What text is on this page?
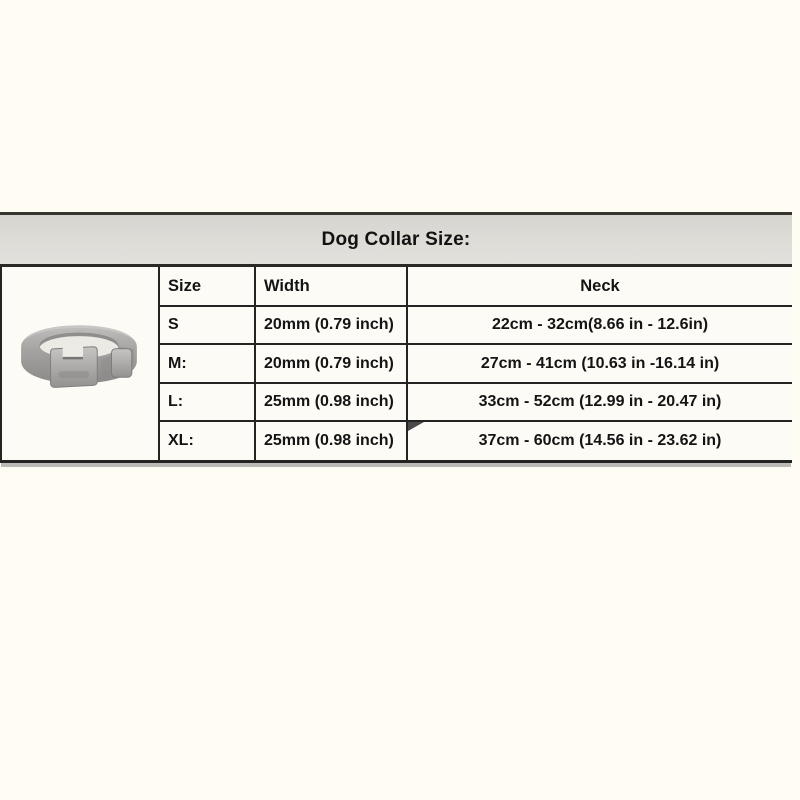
Dog Collar Size:
Size	Width	Neck
S	20mm (0.79 inch)	22cm - 32cm(8.66 in - 12.6in)
M:	20mm (0.79 inch)	27cm - 41cm (10.63 in -16.14 in)
L:	25mm (0.98 inch)	33cm - 52cm (12.99 in - 20.47 in)
XL:	25mm (0.98 inch)	37cm - 60cm (14.56 in - 23.62 in)
